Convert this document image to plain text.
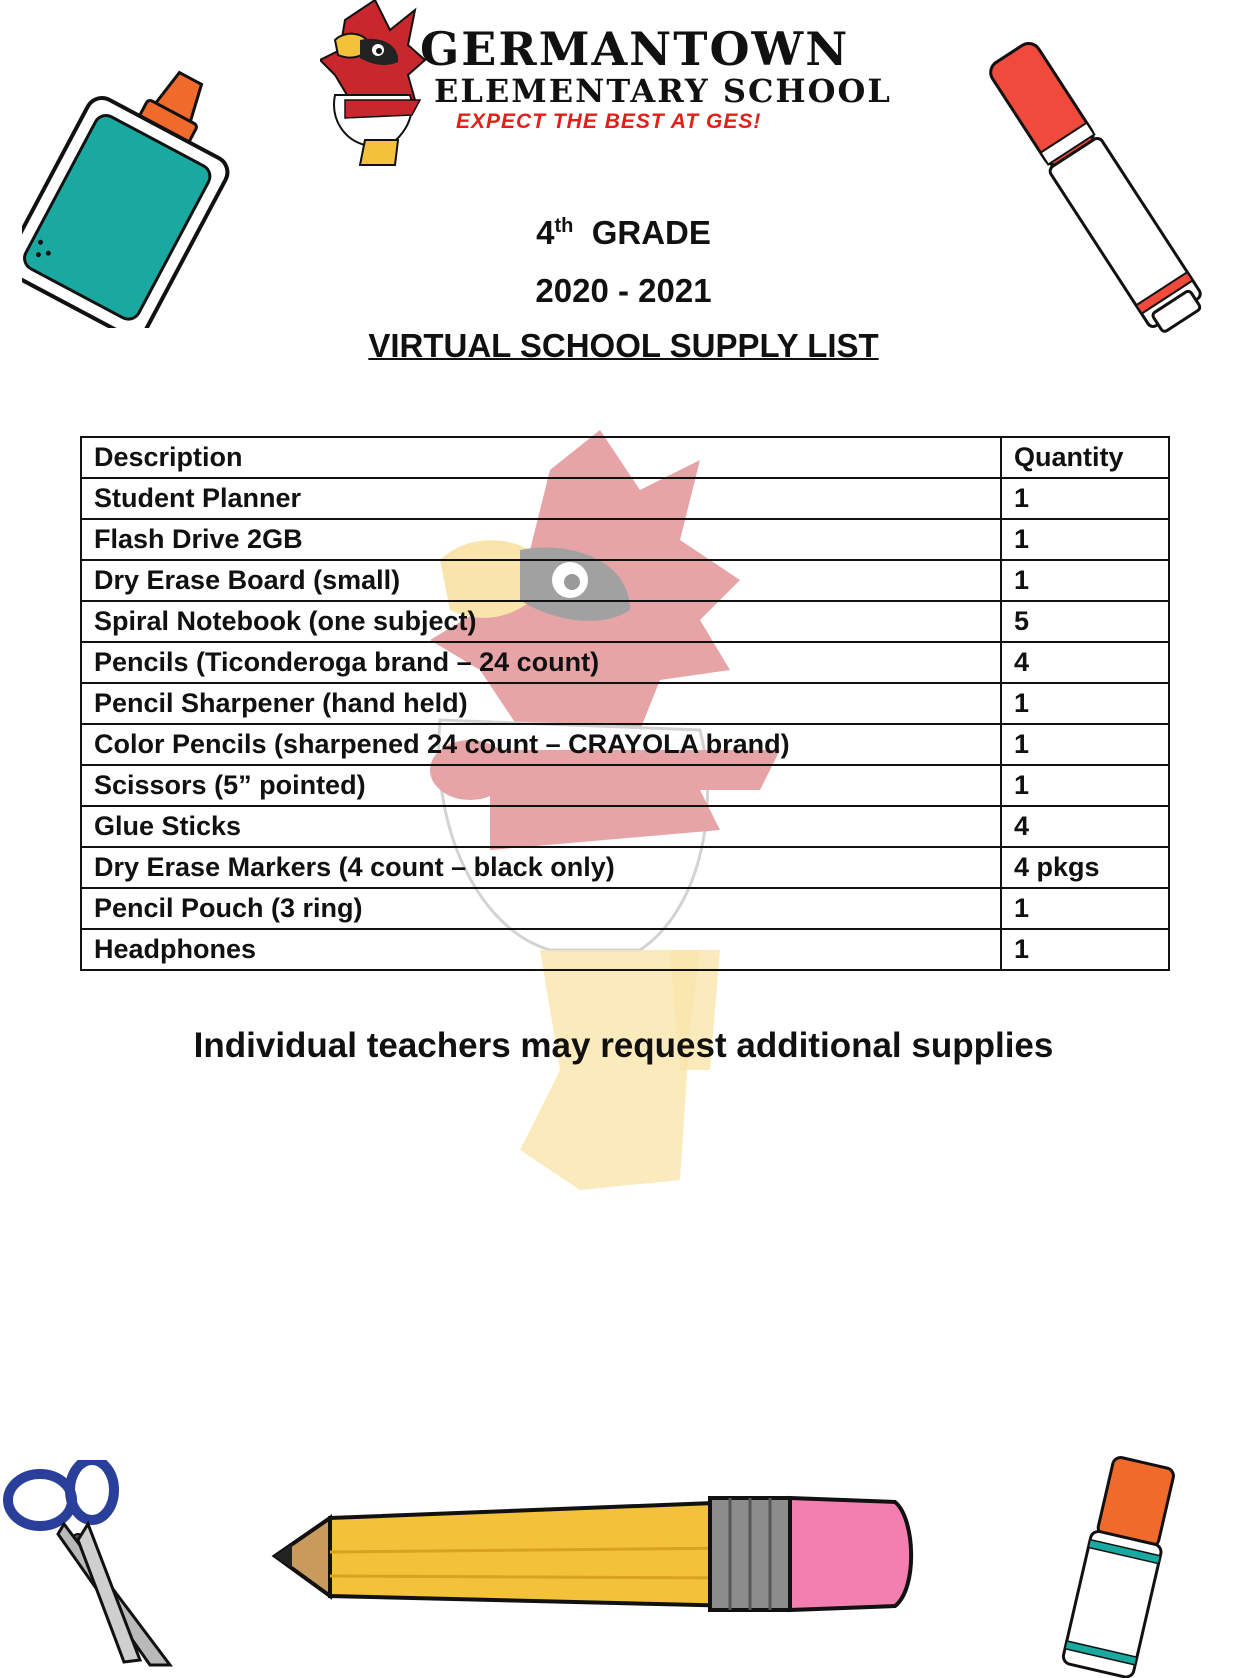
GERMANTOWN
ELEMENTARY SCHOOL
EXPECT THE BEST AT GES!
4th GRADE
2020 - 2021
VIRTUAL SCHOOL SUPPLY LIST
Description	Quantity
Student Planner	1
Flash Drive 2GB	1
Dry Erase Board (small)	1
Spiral Notebook (one subject)	5
Pencils (Ticonderoga brand – 24 count)	4
Pencil Sharpener (hand held)	1
Color Pencils (sharpened 24 count – CRAYOLA brand)	1
Scissors (5” pointed)	1
Glue Sticks	4
Dry Erase Markers (4 count – black only)	4 pkgs
Pencil Pouch (3 ring)	1
Headphones	1
Individual teachers may request additional supplies
